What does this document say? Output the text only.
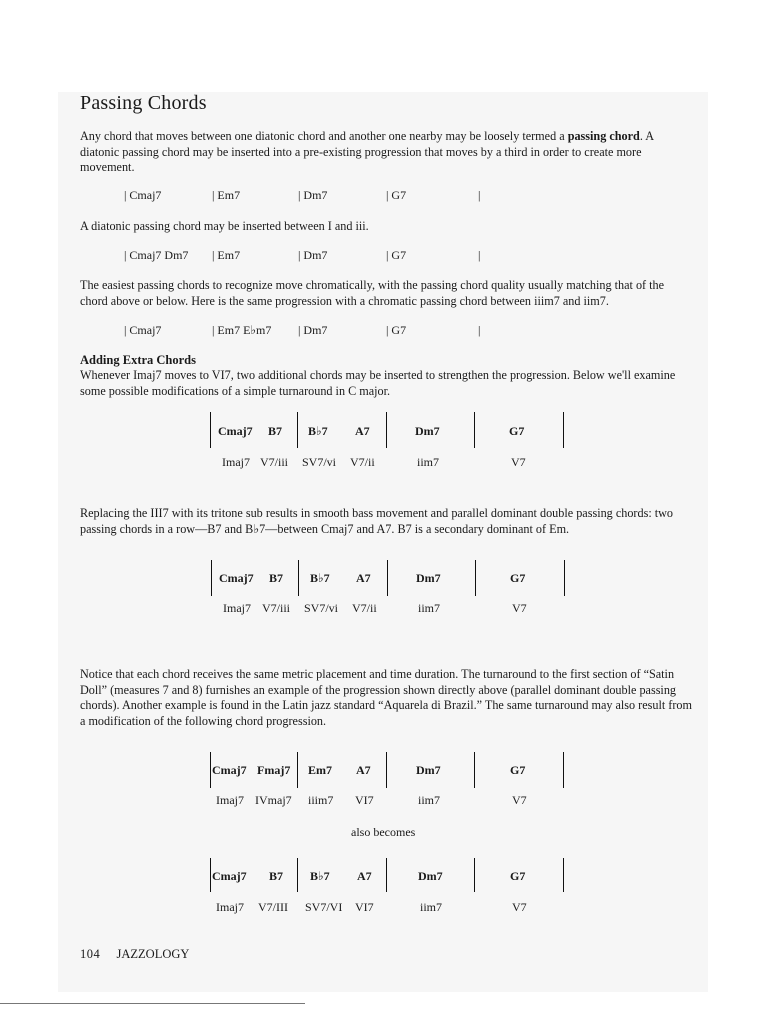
Passing Chords

Any chord that moves between one diatonic chord and another one nearby may be loosely termed a passing chord. A diatonic passing chord may be inserted into a pre-existing progression that moves by a third in order to create more movement.

| Cmaj7	| Em7	| Dm7	| G7	|

A diatonic passing chord may be inserted between I and iii.

| Cmaj7 Dm7 | Em7	| Dm7	| G7	|

The easiest passing chords to recognize move chromatically, with the passing chord quality usually matching that of the chord above or below. Here is the same progression with a chromatic passing chord between iiim7 and iim7.

| Cmaj7	| Em7 E♭m7 | Dm7	| G7	|
Adding Extra Chords

Whenever Imaj7 moves to VI7, two additional chords may be inserted to strengthen the progression. Below we'll examine some possible modifications of a simple turnaround in C major.

Cmaj7 B7 B♭7 A7	Dm7	G7
Imaj7 V7/iii SV7/vi V7/ii	iim7	V7

Replacing the III7 with its tritone sub results in smooth bass movement and parallel dominant double passing chords: two passing chords in a row—B7 and B♭7—between Cmaj7 and A7. B7 is a secondary dominant of Em.

Cmaj7 B7 B♭7 A7	Dm7	G7
Imaj7 V7/iii SV7/vi V7/ii	iim7	V7

Notice that each chord receives the same metric placement and time duration. The turnaround to the first section of “Satin Doll” (measures 7 and 8) furnishes an example of the progression shown directly above (parallel dominant double passing chords). Another example is found in the Latin jazz standard “Aquarela di Brazil.” The same turnaround may also result from a modification of the following chord progression.

Cmaj7 Fmaj7 Em7 A7	Dm7	G7
Imaj7 IVmaj7 iiim7 VI7	iim7	V7
also becomes
Cmaj7 B7 B♭7 A7	Dm7	G7
Imaj7 V7/III SV7/VI VI7	iim7	V7
104 JAZZOLOGY
